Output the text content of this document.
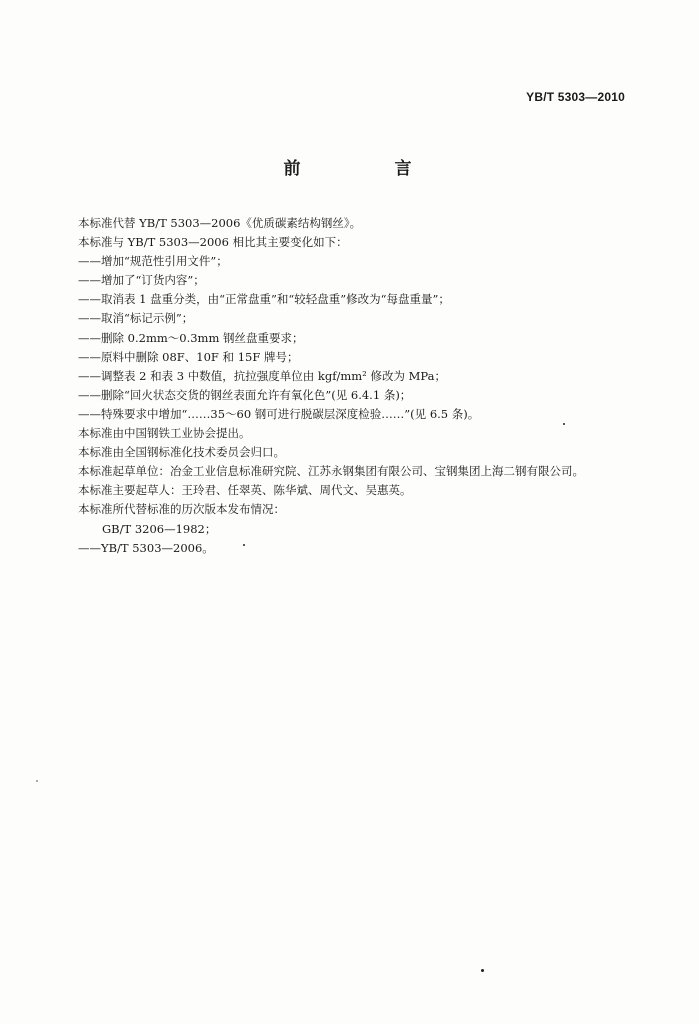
YB/T 5303—2010
前 言
本标准代替 YB/T 5303—2006《优质碳素结构钢丝》。
本标准与 YB/T 5303—2006 相比其主要变化如下：
——增加“规范性引用文件”；
——增加了“订货内容”；
——取消表 1 盘重分类，由“正常盘重”和“较轻盘重”修改为“每盘重量”；
——取消“标记示例”；
——删除 0.2mm～0.3mm 钢丝盘重要求；
——原料中删除 08F、10F 和 15F 牌号；
——调整表 2 和表 3 中数值，抗拉强度单位由 kgf/mm² 修改为 MPa；
——删除“回火状态交货的钢丝表面允许有氧化色”(见 6.4.1 条)；
——特殊要求中增加“……35～60 钢可进行脱碳层深度检验……”(见 6.5 条)。
本标准由中国钢铁工业协会提出。
本标准由全国钢标准化技术委员会归口。
本标准起草单位：冶金工业信息标准研究院、江苏永钢集团有限公司、宝钢集团上海二钢有限公司。
本标准主要起草人：王玲君、任翠英、陈华斌、周代文、吴惠英。
本标准所代替标准的历次版本发布情况：
GB/T 3206—1982；
——YB/T 5303—2006。
